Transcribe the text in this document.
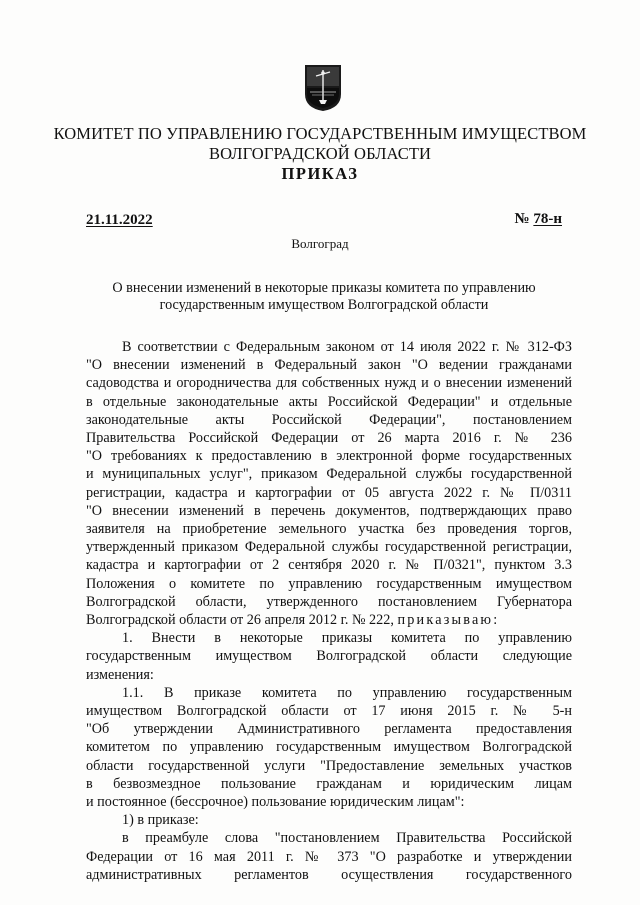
КОМИТЕТ ПО УПРАВЛЕНИЮ ГОСУДАРСТВЕННЫМ ИМУЩЕСТВОМ
ВОЛГОГРАДСКОЙ ОБЛАСТИ
ПРИКАЗ
21.11.2022	№ 78-н
Волгоград
О внесении изменений в некоторые приказы комитета по управлению
государственным имуществом Волгоградской области

В соответствии с Федеральным законом от 14 июля 2022 г. № 312-ФЗ

"О внесении изменений в Федеральный закон "О ведении гражданами

садоводства и огородничества для собственных нужд и о внесении изменений

в отдельные законодательные акты Российской Федерации" и отдельные

законодательные акты Российской Федерации", постановлением

Правительства Российской Федерации от 26 марта 2016 г. № 236

"О требованиях к предоставлению в электронной форме государственных

и муниципальных услуг", приказом Федеральной службы государственной

регистрации, кадастра и картографии от 05 августа 2022 г. № П/0311

"О внесении изменений в перечень документов, подтверждающих право

заявителя на приобретение земельного участка без проведения торгов,

утвержденный приказом Федеральной службы государственной регистрации,

кадастра и картографии от 2 сентября 2020 г. № П/0321", пунктом 3.3

Положения о комитете по управлению государственным имуществом

Волгоградской области, утвержденного постановлением Губернатора

Волгоградской области от 26 апреля 2012 г. № 222, приказываю:

1. Внести в некоторые приказы комитета по управлению

государственным имуществом Волгоградской области следующие

изменения:

1.1. В приказе комитета по управлению государственным

имуществом Волгоградской области от 17 июня 2015 г. № 5-н

"Об утверждении Административного регламента предоставления

комитетом по управлению государственным имуществом Волгоградской

области государственной услуги "Предоставление земельных участков

в безвозмездное пользование гражданам и юридическим лицам

и постоянное (бессрочное) пользование юридическим лицам":

1) в приказе:

в преамбуле слова "постановлением Правительства Российской

Федерации от 16 мая 2011 г. № 373 "О разработке и утверждении

административных регламентов осуществления государственного
